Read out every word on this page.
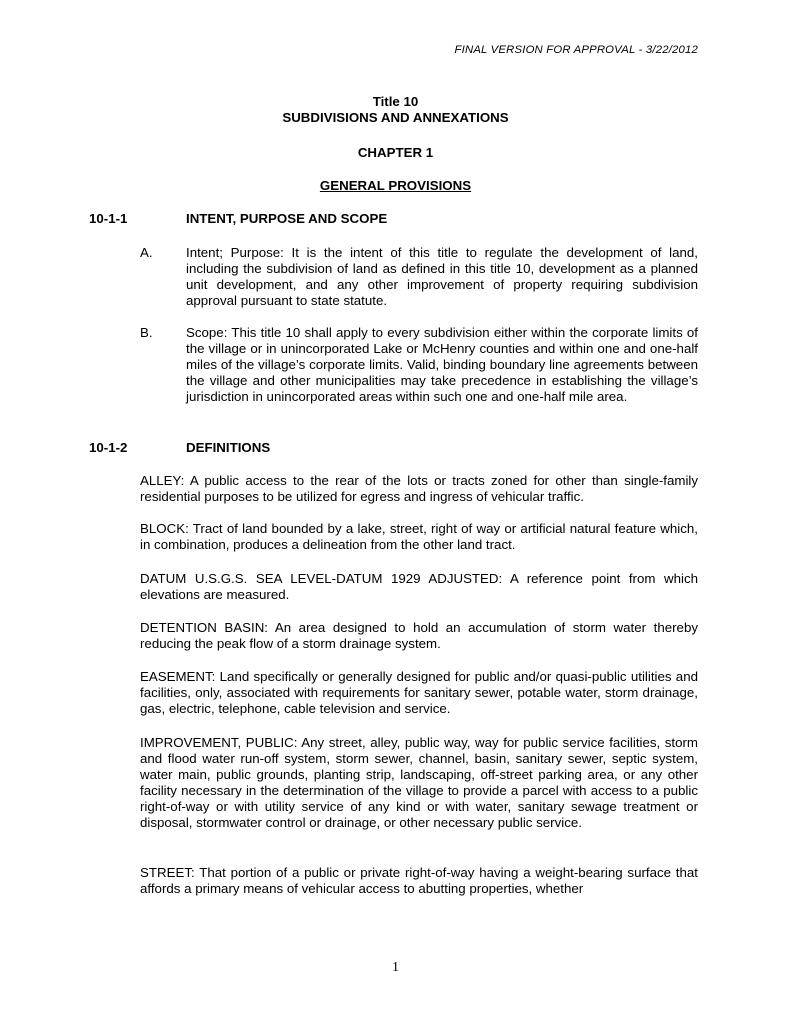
FINAL VERSION FOR APPROVAL - 3/22/2012
Title 10
SUBDIVISIONS AND ANNEXATIONS
CHAPTER 1
GENERAL PROVISIONS
10-1-1	INTENT, PURPOSE AND SCOPE
A.	Intent; Purpose: It is the intent of this title to regulate the development of land, including the subdivision of land as defined in this title 10, development as a planned unit development, and any other improvement of property requiring subdivision approval pursuant to state statute.
B.	Scope: This title 10 shall apply to every subdivision either within the corporate limits of the village or in unincorporated Lake or McHenry counties and within one and one-half miles of the village’s corporate limits. Valid, binding boundary line agreements between the village and other municipalities may take precedence in establishing the village’s jurisdiction in unincorporated areas within such one and one-half mile area.
10-1-2	DEFINITIONS
ALLEY: A public access to the rear of the lots or tracts zoned for other than single-family residential purposes to be utilized for egress and ingress of vehicular traffic.
BLOCK: Tract of land bounded by a lake, street, right of way or artificial natural feature which, in combination, produces a delineation from the other land tract.
DATUM U.S.G.S. SEA LEVEL-DATUM 1929 ADJUSTED: A reference point from which elevations are measured.
DETENTION BASIN: An area designed to hold an accumulation of storm water thereby reducing the peak flow of a storm drainage system.
EASEMENT: Land specifically or generally designed for public and/or quasi-public utilities and facilities, only, associated with requirements for sanitary sewer, potable water, storm drainage, gas, electric, telephone, cable television and service.
IMPROVEMENT, PUBLIC: Any street, alley, public way, way for public service facilities, storm and flood water run-off system, storm sewer, channel, basin, sanitary sewer, septic system, water main, public grounds, planting strip, landscaping, off-street parking area, or any other facility necessary in the determination of the village to provide a parcel with access to a public right-of-way or with utility service of any kind or with water, sanitary sewage treatment or disposal, stormwater control or drainage, or other necessary public service.
STREET: That portion of a public or private right-of-way having a weight-bearing surface that affords a primary means of vehicular access to abutting properties, whether
1
